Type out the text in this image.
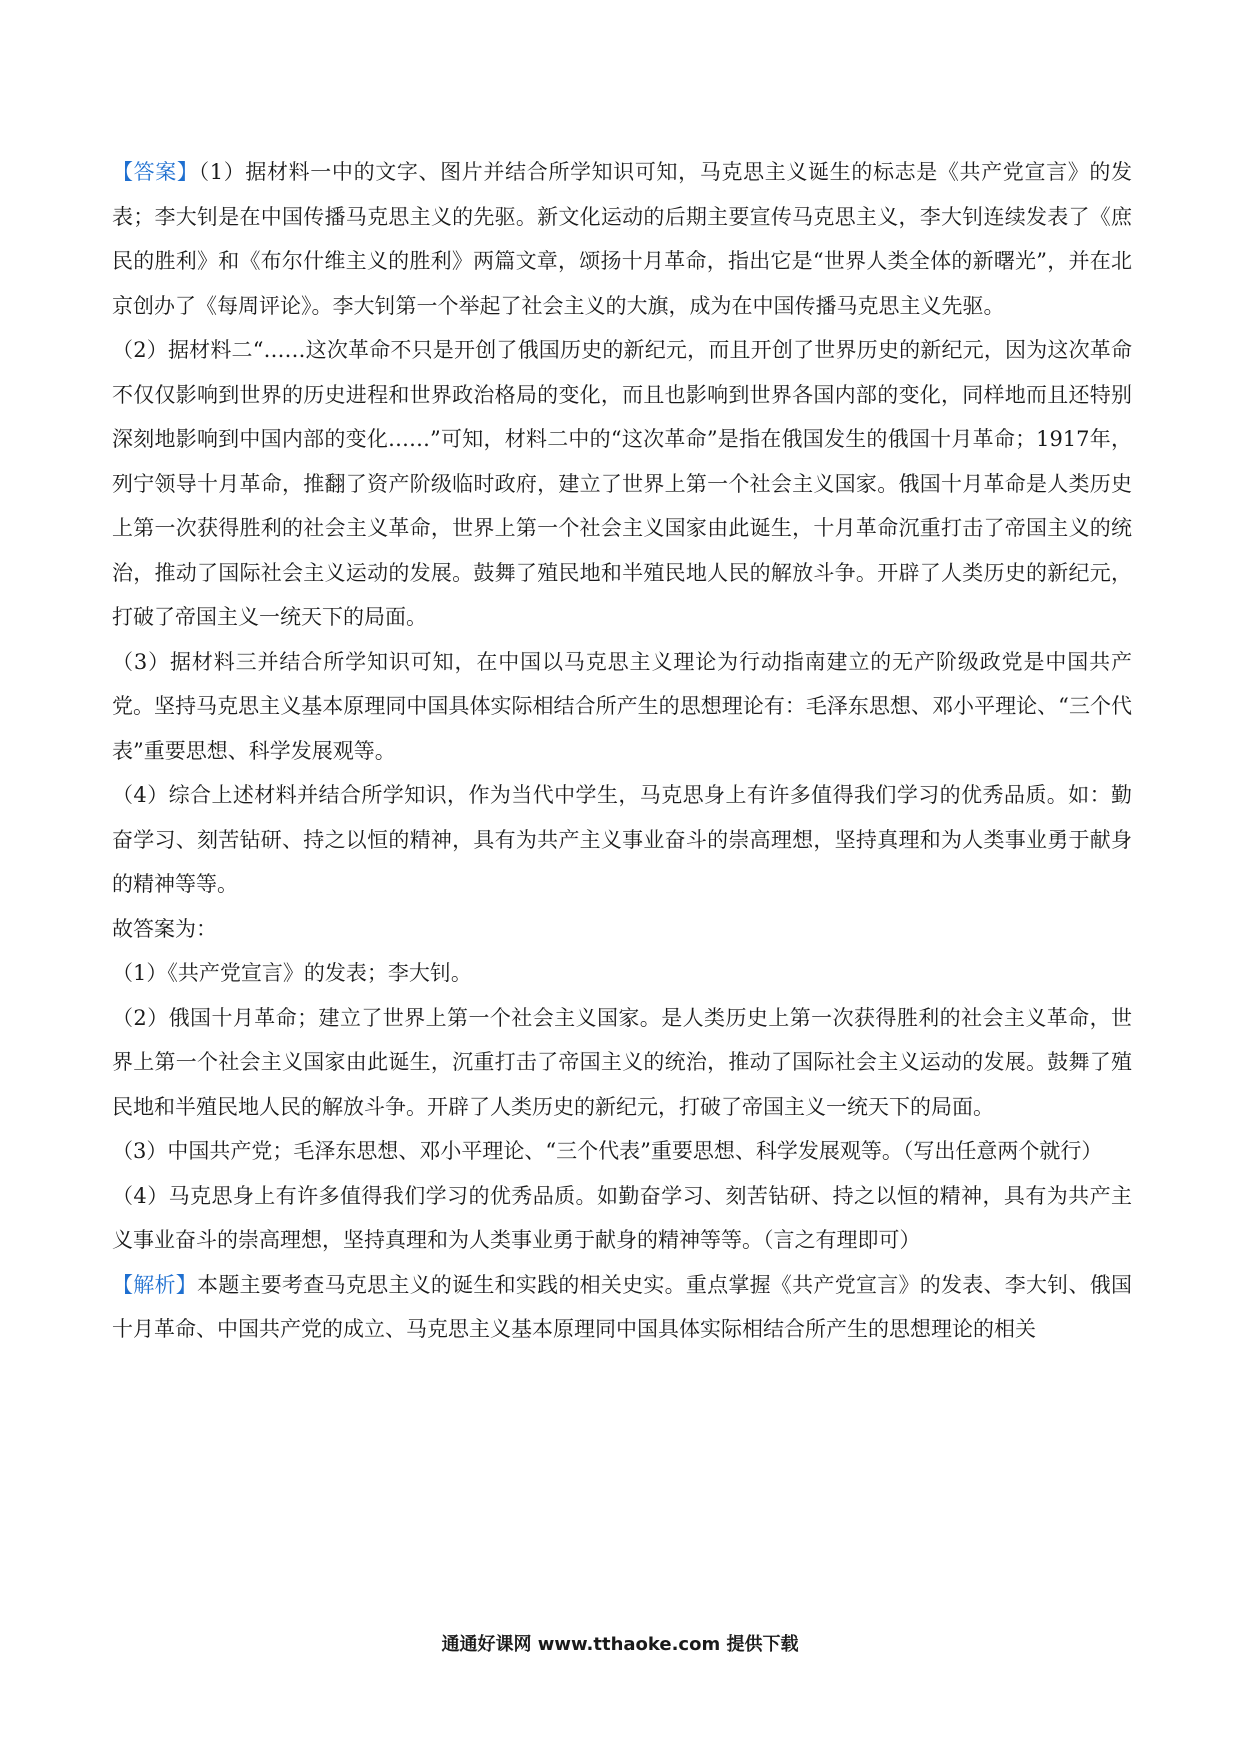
【答案】（1）据材料一中的文字、图片并结合所学知识可知，马克思主义诞生的标志是《共产党宣言》的发表；李大钊是在中国传播马克思主义的先驱。新文化运动的后期主要宣传马克思主义，李大钊连续发表了《庶民的胜利》和《布尔什维主义的胜利》两篇文章，颂扬十月革命，指出它是“世界人类全体的新曙光”，并在北京创办了《每周评论》。李大钊第一个举起了社会主义的大旗，成为在中国传播马克思主义先驱。

（2）据材料二“……这次革命不只是开创了俄国历史的新纪元，而且开创了世界历史的新纪元，因为这次革命不仅仅影响到世界的历史进程和世界政治格局的变化，而且也影响到世界各国内部的变化，同样地而且还特别深刻地影响到中国内部的变化……”可知，材料二中的“这次革命”是指在俄国发生的俄国十月革命；1917年，列宁领导十月革命，推翻了资产阶级临时政府，建立了世界上第一个社会主义国家。俄国十月革命是人类历史上第一次获得胜利的社会主义革命，世界上第一个社会主义国家由此诞生，十月革命沉重打击了帝国主义的统治，推动了国际社会主义运动的发展。鼓舞了殖民地和半殖民地人民的解放斗争。开辟了人类历史的新纪元，打破了帝国主义一统天下的局面。

（3）据材料三并结合所学知识可知，在中国以马克思主义理论为行动指南建立的无产阶级政党是中国共产党。坚持马克思主义基本原理同中国具体实际相结合所产生的思想理论有：毛泽东思想、邓小平理论、“三个代表”重要思想、科学发展观等。

（4）综合上述材料并结合所学知识，作为当代中学生，马克思身上有许多值得我们学习的优秀品质。如：勤奋学习、刻苦钻研、持之以恒的精神，具有为共产主义事业奋斗的崇高理想，坚持真理和为人类事业勇于献身的精神等等。

故答案为：

（1）《共产党宣言》的发表；李大钊。

（2）俄国十月革命；建立了世界上第一个社会主义国家。是人类历史上第一次获得胜利的社会主义革命，世界上第一个社会主义国家由此诞生，沉重打击了帝国主义的统治，推动了国际社会主义运动的发展。鼓舞了殖民地和半殖民地人民的解放斗争。开辟了人类历史的新纪元，打破了帝国主义一统天下的局面。

（3）中国共产党；毛泽东思想、邓小平理论、“三个代表”重要思想、科学发展观等。（写出任意两个就行）

（4）马克思身上有许多值得我们学习的优秀品质。如勤奋学习、刻苦钻研、持之以恒的精神，具有为共产主义事业奋斗的崇高理想，坚持真理和为人类事业勇于献身的精神等等。（言之有理即可）

【解析】本题主要考查马克思主义的诞生和实践的相关史实。重点掌握《共产党宣言》的发表、李大钊、俄国十月革命、中国共产党的成立、马克思主义基本原理同中国具体实际相结合所产生的思想理论的相关

通通好课网 www.tthaoke.com 提供下载
